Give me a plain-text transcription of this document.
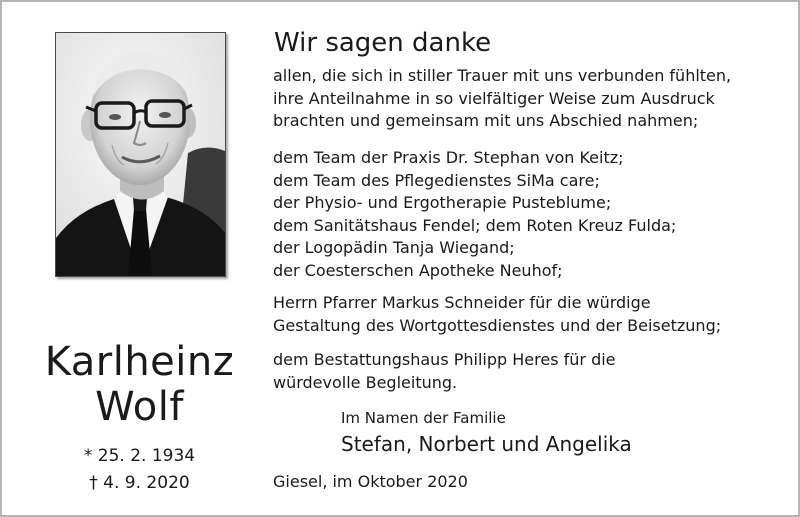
Karlheinz
Wolf
* 25. 2. 1934
† 4. 9. 2020
Wir sagen danke

allen, die sich in stiller Trauer mit uns verbunden fühlten,
ihre Anteilnahme in so vielfältiger Weise zum Ausdruck
brachten und gemeinsam mit uns Abschied nahmen;

dem Team der Praxis Dr. Stephan von Keitz;
dem Team des Pflegedienstes SiMa care;
der Physio- und Ergotherapie Pusteblume;
dem Sanitätshaus Fendel; dem Roten Kreuz Fulda;
der Logopädin Tanja Wiegand;
der Coesterschen Apotheke Neuhof;

Herrn Pfarrer Markus Schneider für die würdige
Gestaltung des Wortgottesdienstes und der Beisetzung;

dem Bestattungshaus Philipp Heres für die
würdevolle Begleitung.

Im Namen der Familie
Stefan, Norbert und Angelika
Giesel, im Oktober 2020
